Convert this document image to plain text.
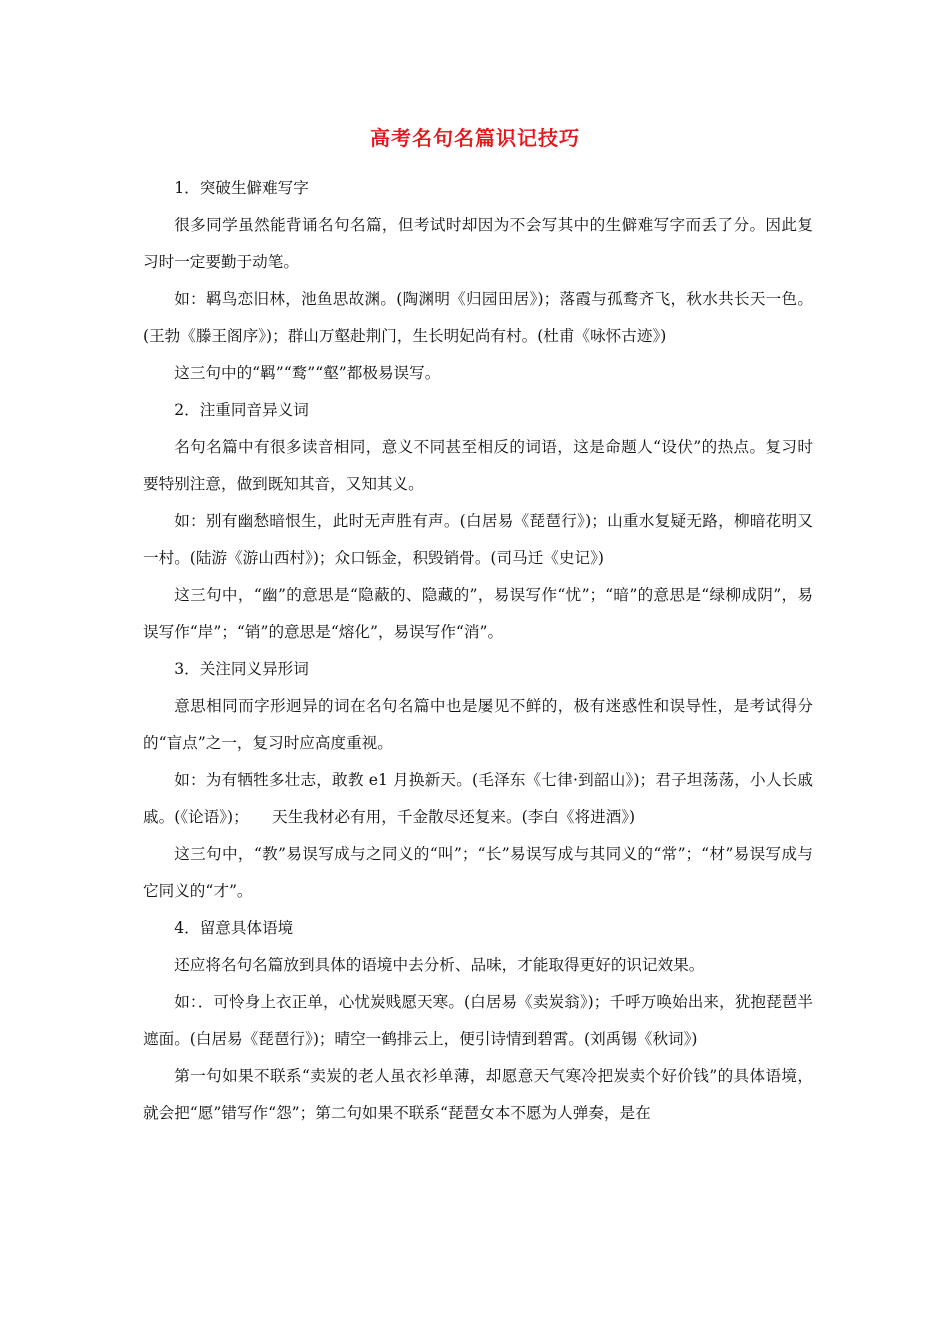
高考名句名篇识记技巧

1．突破生僻难写字

很多同学虽然能背诵名句名篇，但考试时却因为不会写其中的生僻难写字而丢了分。因此复习时一定要勤于动笔。

如：羁鸟恋旧林，池鱼思故渊。(陶渊明《归园田居》)；落霞与孤鹜齐飞，秋水共长天一色。(王勃《滕王阁序》)；群山万壑赴荆门，生长明妃尚有村。(杜甫《咏怀古迹》)

这三句中的“羁”“鹜”“壑”都极易误写。

2．注重同音异义词

名句名篇中有很多读音相同，意义不同甚至相反的词语，这是命题人“设伏”的热点。复习时要特别注意，做到既知其音，又知其义。

如：别有幽愁暗恨生，此时无声胜有声。(白居易《琵琶行》)；山重水复疑无路，柳暗花明又一村。(陆游《游山西村》)；众口铄金，积毁销骨。(司马迁《史记》)

这三句中，“幽”的意思是“隐蔽的、隐藏的”，易误写作“忧”；“暗”的意思是“绿柳成阴”，易误写作“岸”；“销”的意思是“熔化”，易误写作“消”。

3．关注同义异形词

意思相同而字形迥异的词在名句名篇中也是屡见不鲜的，极有迷惑性和误导性，是考试得分的“盲点”之一，复习时应高度重视。

如：为有牺牲多壮志，敢教 e1 月换新天。(毛泽东《七律·到韶山》)；君子坦荡荡，小人长戚戚。(《论语》)；　　天生我材必有用，千金散尽还复来。(李白《将进酒》)

这三句中，“教”易误写成与之同义的“叫”；“长”易误写成与其同义的“常”；“材”易误写成与它同义的“才”。

4．留意具体语境

还应将名句名篇放到具体的语境中去分析、品味，才能取得更好的识记效果。

如：．可怜身上衣正单，心忧炭贱愿天寒。(白居易《卖炭翁》)；千呼万唤始出来，犹抱琵琶半遮面。(白居易《琵琶行》)；晴空一鹤排云上，便引诗情到碧霄。(刘禹锡《秋词》)

第一句如果不联系“卖炭的老人虽衣衫单薄，却愿意天气寒冷把炭卖个好价钱”的具体语境，就会把“愿”错写作“怨”；第二句如果不联系“琵琶女本不愿为人弹奏，是在
